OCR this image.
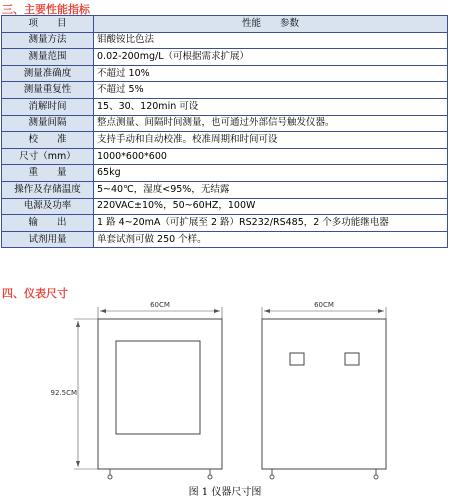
三、主要性能指标
项　　目	性能　　参数
测量方法	钼酸铵比色法
测量范围	0.02-200mg/L（可根据需求扩展）
测量准确度	不超过 10%
测量重复性	不超过 5%
消解时间	15、30、120min 可设
测量间隔	整点测量、间隔时间测量，也可通过外部信号触发仪器。
校　　准	支持手动和自动校准。校准周期和时间可设
尺寸（mm）	1000*600*600
重　　量	65kg
操作及存储温度	5~40℃，湿度<95%，无结露
电源及功率	220VAC±10%，50~60HZ，100W
输　　出	1 路 4~20mA（可扩展至 2 路）RS232/RS485，2 个多功能继电器
试剂用量	单套试剂可做 250 个样。
四、仪表尺寸
60CM
92.5CM
60CM
图 1 仪器尺寸图
